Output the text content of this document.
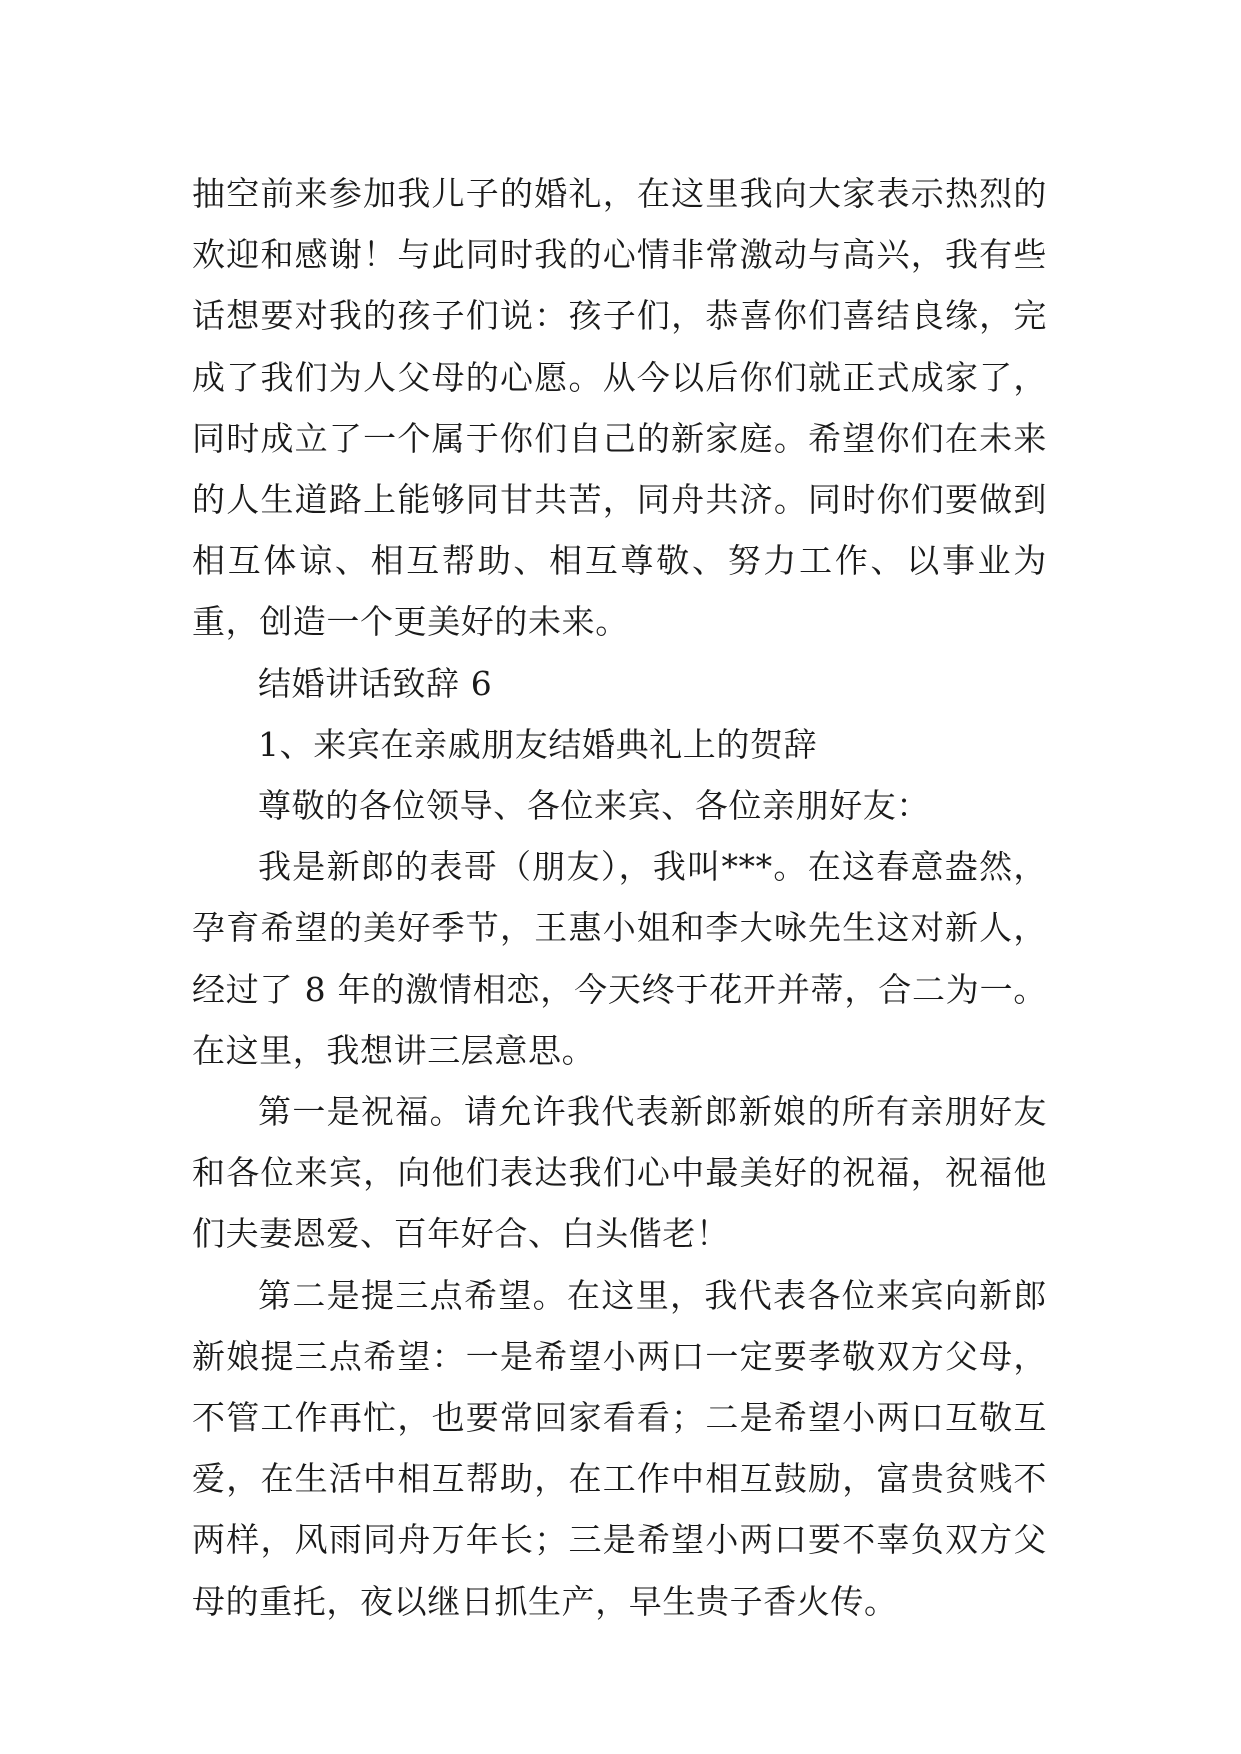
抽空前来参加我儿子的婚礼，在这里我向大家表示热烈的欢迎和感谢！与此同时我的心情非常激动与高兴，我有些话想要对我的孩子们说：孩子们，恭喜你们喜结良缘，完成了我们为人父母的心愿。从今以后你们就正式成家了，同时成立了一个属于你们自己的新家庭。希望你们在未来的人生道路上能够同甘共苦，同舟共济。同时你们要做到相互体谅、相互帮助、相互尊敬、努力工作、以事业为重，创造一个更美好的未来。

结婚讲话致辞 6

1、来宾在亲戚朋友结婚典礼上的贺辞

尊敬的各位领导、各位来宾、各位亲朋好友：

我是新郎的表哥（朋友），我叫***。在这春意盎然，孕育希望的美好季节，王惠小姐和李大咏先生这对新人，经过了 8 年的激情相恋，今天终于花开并蒂，合二为一。在这里，我想讲三层意思。

第一是祝福。请允许我代表新郎新娘的所有亲朋好友和各位来宾，向他们表达我们心中最美好的祝福，祝福他们夫妻恩爱、百年好合、白头偕老！

第二是提三点希望。在这里，我代表各位来宾向新郎新娘提三点希望：一是希望小两口一定要孝敬双方父母，不管工作再忙，也要常回家看看；二是希望小两口互敬互爱，在生活中相互帮助，在工作中相互鼓励，富贵贫贱不两样，风雨同舟万年长；三是希望小两口要不辜负双方父母的重托，夜以继日抓生产，早生贵子香火传。
